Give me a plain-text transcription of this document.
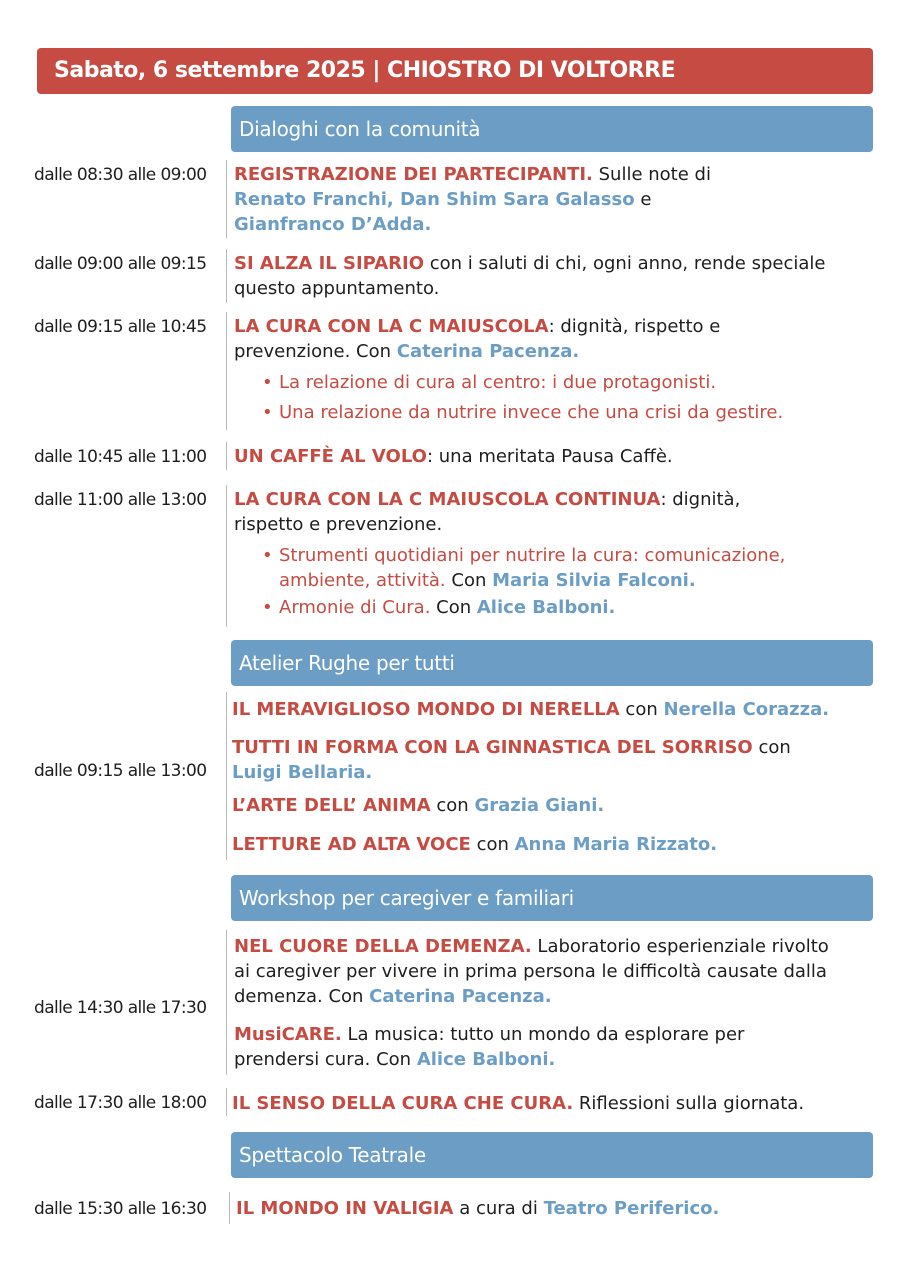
Sabato, 6 settembre 2025 | CHIOSTRO DI VOLTORRE
Dialoghi con la comunità
dalle 08:30 alle 09:00 REGISTRAZIONE DEI PARTECIPANTI. Sulle note di
Renato Franchi, Dan Shim Sara Galasso e
Gianfranco D’Adda.
dalle 09:00 alle 09:15 SI ALZA IL SIPARIO con i saluti di chi, ogni anno, rende speciale questo appuntamento.
dalle 09:15 alle 10:45 LA CURA CON LA C MAIUSCOLA: dignità, rispetto e prevenzione. Con Caterina Pacenza.
• La relazione di cura al centro: i due protagonisti.
• Una relazione da nutrire invece che una crisi da gestire.
dalle 10:45 alle 11:00 UN CAFFÈ AL VOLO: una meritata Pausa Caffè.
dalle 11:00 alle 13:00 LA CURA CON LA C MAIUSCOLA CONTINUA: dignità, rispetto e prevenzione.
• Strumenti quotidiani per nutrire la cura: comunicazione, ambiente, attività. Con Maria Silvia Falconi.
• Armonie di Cura. Con Alice Balboni.
Atelier Rughe per tutti
dalle 09:15 alle 13:00
IL MERAVIGLIOSO MONDO DI NERELLA con Nerella Corazza.
TUTTI IN FORMA CON LA GINNASTICA DEL SORRISO con
Luigi Bellaria.
L’ARTE DELL’ ANIMA con Grazia Giani.
LETTURE AD ALTA VOCE con Anna Maria Rizzato.
Workshop per caregiver e familiari
dalle 14:30 alle 17:30
NEL CUORE DELLA DEMENZA. Laboratorio esperienziale rivolto ai caregiver per vivere in prima persona le difficoltà causate dalla demenza. Con Caterina Pacenza.
MusiCARE. La musica: tutto un mondo da esplorare per prendersi cura. Con Alice Balboni.
dalle 17:30 alle 18:00 IL SENSO DELLA CURA CHE CURA. Riflessioni sulla giornata.
Spettacolo Teatrale
dalle 15:30 alle 16:30 IL MONDO IN VALIGIA a cura di Teatro Periferico.
